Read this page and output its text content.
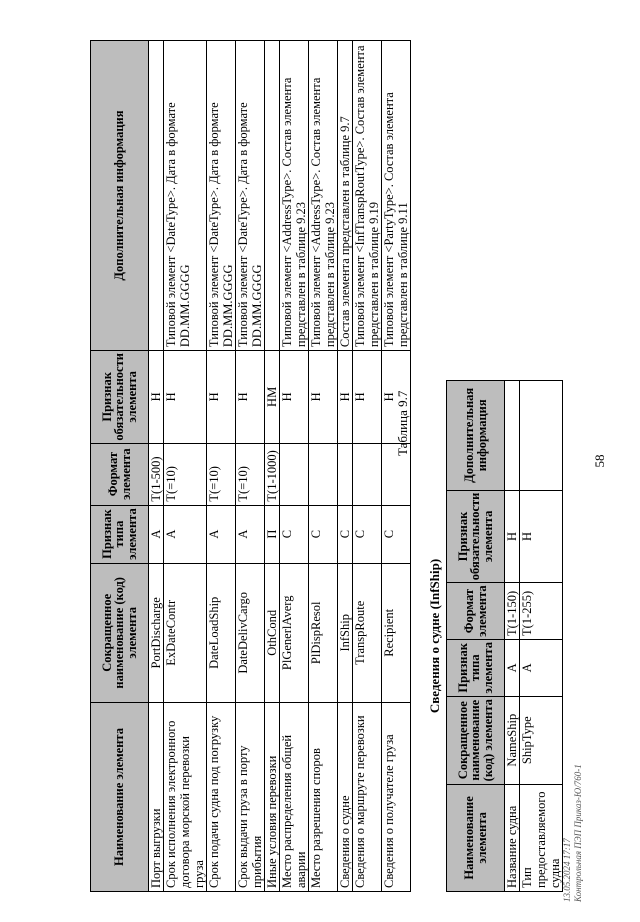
58
Наименование элемента	Сокращенное наименование (код) элемента	Признак типа элемента	Формат элемента	Признак обязательности элемента	Дополнительная информация
Порт выгрузки	PortDischarge	A	T(1-500)	H	
Срок исполнения электронного договора морской перевозки груза	ExDateContr	A	T(=10)	H	Типовой элемент <DateType>. Дата в формате DD.MM.GGGG
Срок подачи судна под погрузку	DateLoadShip	A	T(=10)	H	Типовой элемент <DateType>. Дата в формате DD.MM.GGGG
Срок выдачи груза в порту прибытия	DateDelivCargo	A	T(=10)	H	Типовой элемент <DateType>. Дата в формате DD.MM.GGGG
Иные условия перевозки	OthCond	П	T(1-1000)	HM	
Место распределения общей аварии	PlGenerlAverg	C		H	Типовой элемент <AddressType>. Состав элемента представлен в таблице 9.23
Место разрешения споров	PlDispResol	C		H	Типовой элемент <AddressType>. Состав элемента представлен в таблице 9.23
Сведения о судне	InfShip	C		H	Состав элемента представлен в таблице 9.7
Сведения о маршруте перевозки	TranspRoute	C		H	Типовой элемент <InfTranspRoutType>. Состав элемента представлен в таблице 9.19
Сведения о получателе груза	Recipient	C		H	Типовой элемент <PartyType>. Состав элемента представлен в таблице 9.11
Таблица 9.7
Сведения о судне (InfShip)
Наименование элемента	Сокращенное наименование (код) элемента	Признак типа элемента	Формат элемента	Признак обязательности элемента	Дополнительная информация
Название судна	NameShip	A	T(1-150)	H	
Тип предоставляемого судна	ShipType	A	T(1-255)	H	
13.05.2024 17:17 Контрольная ПЭП Приказ-Ю/760-1
